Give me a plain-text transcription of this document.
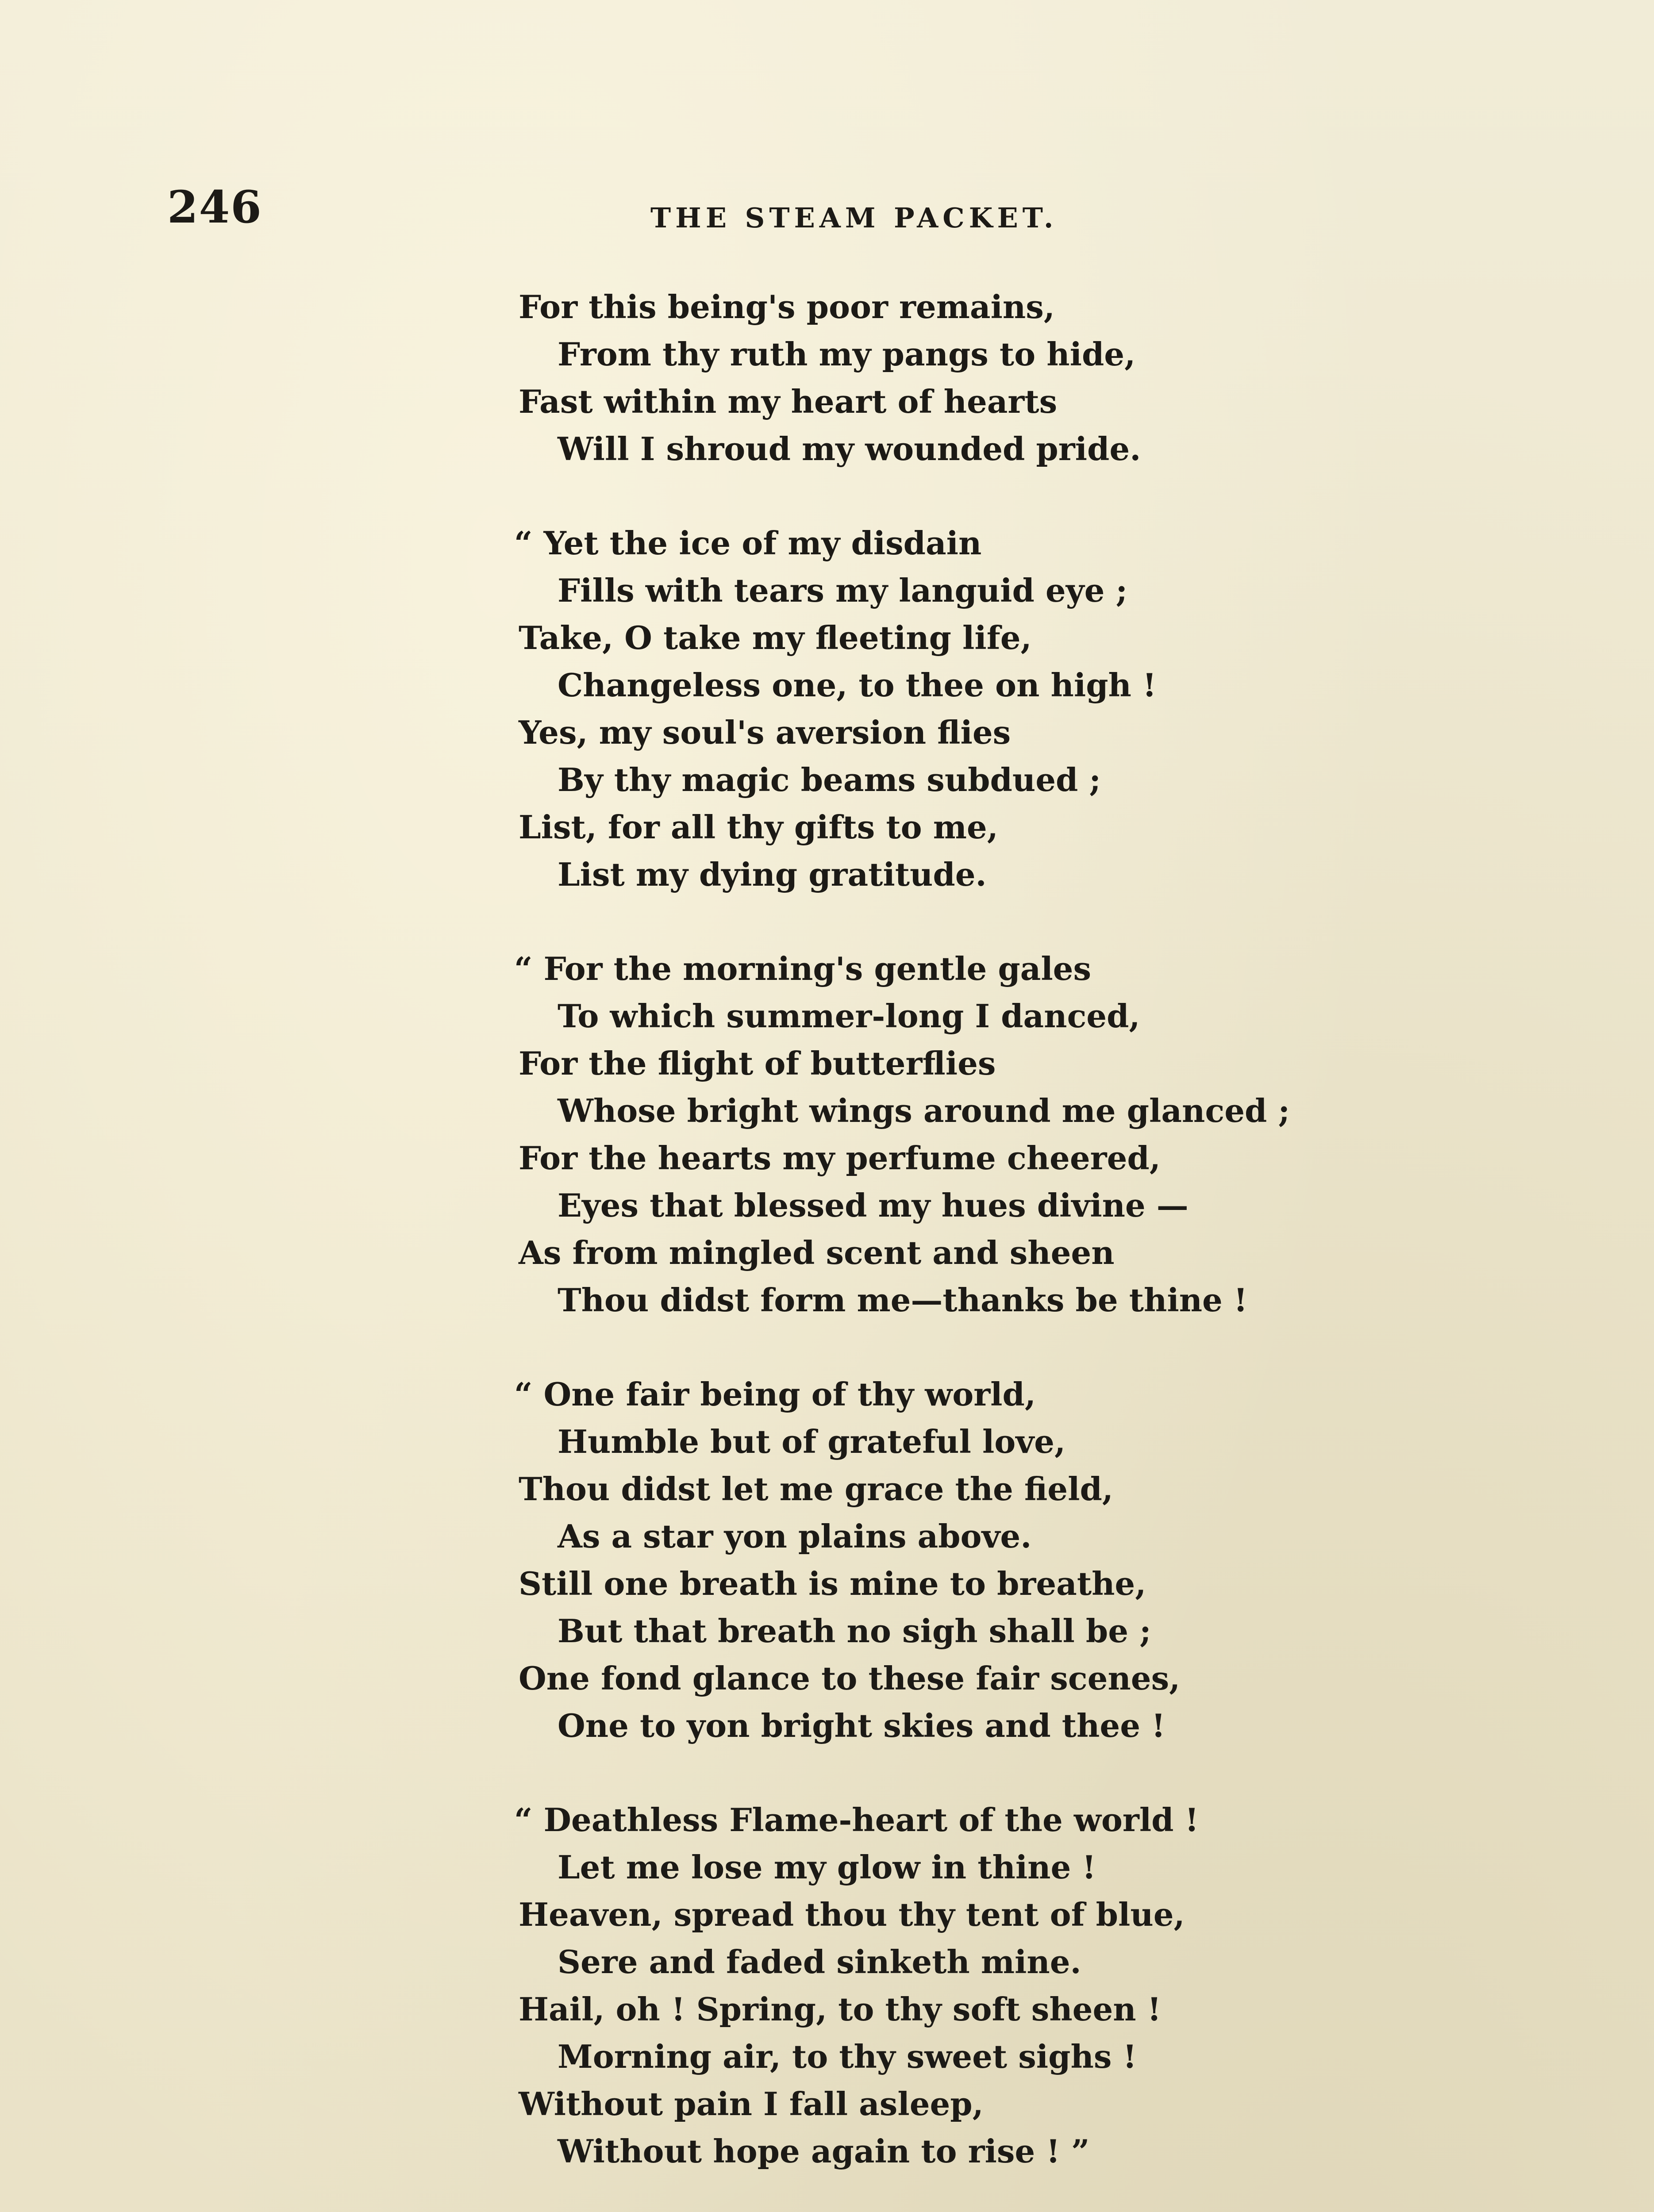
246	THE STEAM PACKET.
For this being's poor remains,
From thy ruth my pangs to hide,
Fast within my heart of hearts
Will I shroud my wounded pride.
“ Yet the ice of my disdain
Fills with tears my languid eye ;
Take, O take my fleeting life,
Changeless one, to thee on high !
Yes, my soul's aversion flies
By thy magic beams subdued ;
List, for all thy gifts to me,
List my dying gratitude.
“ For the morning's gentle gales
To which summer-long I danced,
For the flight of butterflies
Whose bright wings around me glanced ;
For the hearts my perfume cheered,
Eyes that blessed my hues divine —
As from mingled scent and sheen
Thou didst form me—thanks be thine !
“ One fair being of thy world,
Humble but of grateful love,
Thou didst let me grace the field,
As a star yon plains above.
Still one breath is mine to breathe,
But that breath no sigh shall be ;
One fond glance to these fair scenes,
One to yon bright skies and thee !
“ Deathless Flame-heart of the world !
Let me lose my glow in thine !
Heaven, spread thou thy tent of blue,
Sere and faded sinketh mine.
Hail, oh ! Spring, to thy soft sheen !
Morning air, to thy sweet sighs !
Without pain I fall asleep,
Without hope again to rise ! ”
